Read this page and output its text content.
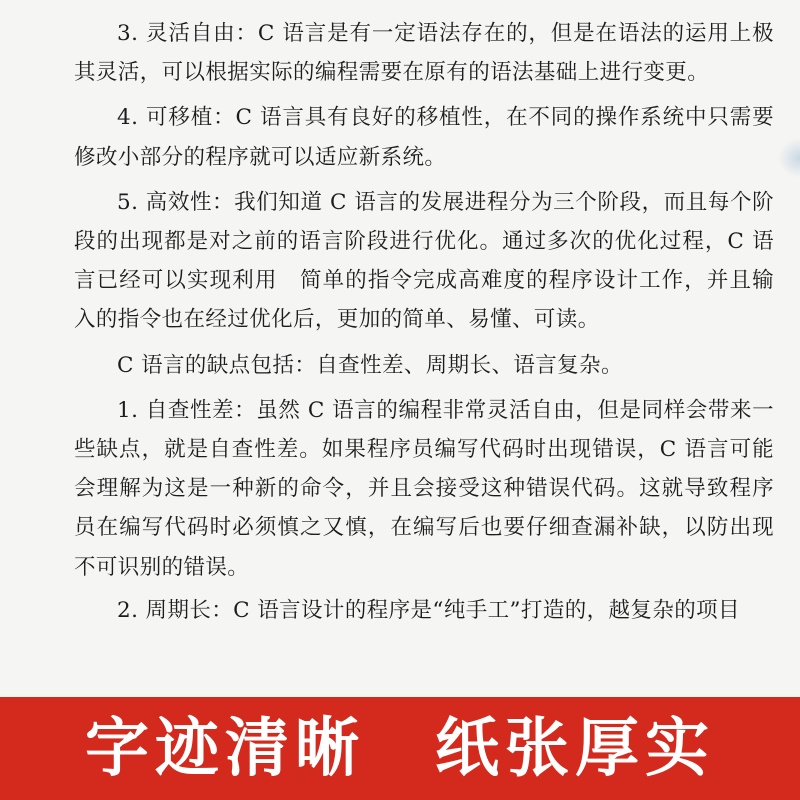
3. 灵活自由：C 语言是有一定语法存在的，但是在语法的运用上极其灵活，可以根据实际的编程需要在原有的语法基础上进行变更。

4. 可移植：C 语言具有良好的移植性，在不同的操作系统中只需要修改小部分的程序就可以适应新系统。

5. 高效性：我们知道 C 语言的发展进程分为三个阶段，而且每个阶段的出现都是对之前的语言阶段进行优化。通过多次的优化过程，C 语言已经可以实现利用　简单的指令完成高难度的程序设计工作，并且输入的指令也在经过优化后，更加的简单、易懂、可读。

C 语言的缺点包括：自查性差、周期长、语言复杂。

1. 自查性差：虽然 C 语言的编程非常灵活自由，但是同样会带来一些缺点，就是自查性差。如果程序员编写代码时出现错误，C 语言可能会理解为这是一种新的命令，并且会接受这种错误代码。这就导致程序员在编写代码时必须慎之又慎，在编写后也要仔细查漏补缺，以防出现不可识别的错误。

2. 周期长：C 语言设计的程序是“纯手工”打造的，越复杂的项目

字迹清晰 纸张厚实
